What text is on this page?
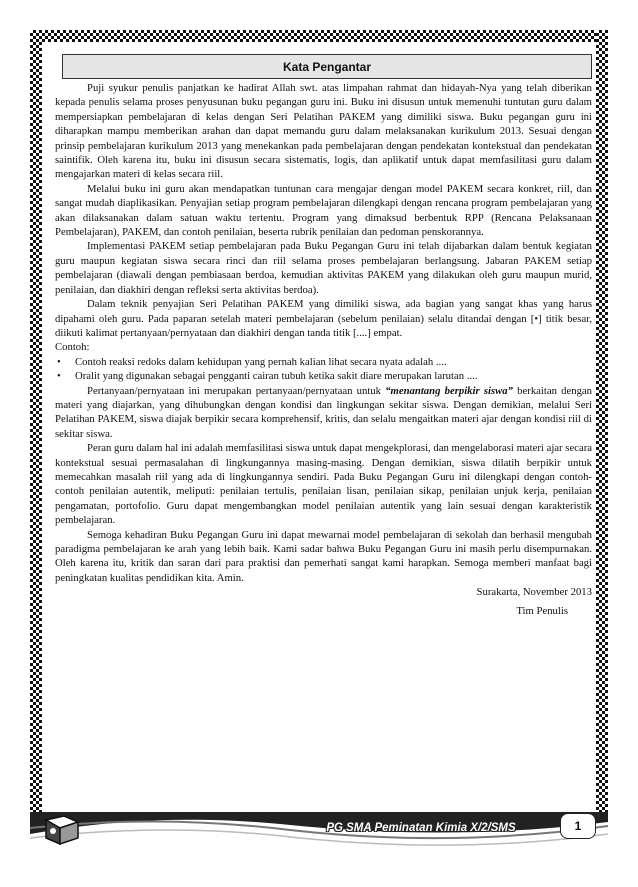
Kata Pengantar

Puji syukur penulis panjatkan ke hadirat Allah swt. atas limpahan rahmat dan hidayah-Nya yang telah diberikan kepada penulis selama proses penyusunan buku pegangan guru ini. Buku ini disusun untuk memenuhi tuntutan guru dalam mempersiapkan pembelajaran di kelas dengan Seri Pelatihan PAKEM yang dimiliki siswa. Buku pegangan guru ini diharapkan mampu memberikan arahan dan dapat memandu guru dalam melaksanakan kurikulum 2013. Sesuai dengan prinsip pembelajaran kurikulum 2013 yang menekankan pada pembelajaran dengan pendekatan kontekstual dan pendekatan saintifik. Oleh karena itu, buku ini disusun secara sistematis, logis, dan aplikatif untuk dapat memfasilitasi guru dalam mengajarkan materi di kelas secara riil.

Melalui buku ini guru akan mendapatkan tuntunan cara mengajar dengan model PAKEM secara konkret, riil, dan sangat mudah diaplikasikan. Penyajian setiap program pembelajaran dilengkapi dengan rencana program pembelajaran yang akan dilaksanakan dalam satuan waktu tertentu. Program yang dimaksud berbentuk RPP (Rencana Pelaksanaan Pembelajaran), PAKEM, dan contoh penilaian, beserta rubrik penilaian dan pedoman penskorannya.

Implementasi PAKEM setiap pembelajaran pada Buku Pegangan Guru ini telah dijabarkan dalam bentuk kegiatan guru maupun kegiatan siswa secara rinci dan riil selama proses pembelajaran berlangsung. Jabaran PAKEM setiap pembelajaran (diawali dengan pembiasaan berdoa, kemudian aktivitas PAKEM yang dilakukan oleh guru maupun murid, penilaian, dan diakhiri dengan refleksi serta aktivitas berdoa).

Dalam teknik penyajian Seri Pelatihan PAKEM yang dimiliki siswa, ada bagian yang sangat khas yang harus dipahami oleh guru. Pada paparan setelah materi pembelajaran (sebelum penilaian) selalu ditandai dengan [•] titik besar, diikuti kalimat pertanyaan/pernyataan dan diakhiri dengan tanda titik [....] empat.

Contoh:

• Contoh reaksi redoks dalam kehidupan yang pernah kalian lihat secara nyata adalah ....
• Oralit yang digunakan sebagai pengganti cairan tubuh ketika sakit diare merupakan larutan ....

Pertanyaan/pernyataan ini merupakan pertanyaan/pernyataan untuk “menantang berpikir siswa” berkaitan dengan materi yang diajarkan, yang dihubungkan dengan kondisi dan lingkungan sekitar siswa. Dengan demikian, melalui Seri Pelatihan PAKEM, siswa diajak berpikir secara komprehensif, kritis, dan selalu mengaitkan materi ajar dengan kondisi riil di sekitar siswa.

Peran guru dalam hal ini adalah memfasilitasi siswa untuk dapat mengekplorasi, dan mengelaborasi materi ajar secara kontekstual sesuai permasalahan di lingkungannya masing-masing. Dengan demikian, siswa dilatih berpikir untuk memecahkan masalah riil yang ada di lingkungannya sendiri. Pada Buku Pegangan Guru ini dilengkapi dengan contoh-contoh penilaian autentik, meliputi: penilaian tertulis, penilaian lisan, penilaian sikap, penilaian unjuk kerja, penilaian pengamatan, portofolio. Guru dapat mengembangkan model penilaian autentik yang lain sesuai dengan karakteristik pembelajaran.

Semoga kehadiran Buku Pegangan Guru ini dapat mewarnai model pembelajaran di sekolah dan berhasil mengubah paradigma pembelajaran ke arah yang lebih baik. Kami sadar bahwa Buku Pegangan Guru ini masih perlu disempurnakan. Oleh karena itu, kritik dan saran dari para praktisi dan pemerhati sangat kami harapkan. Semoga memberi manfaat bagi peningkatan kualitas pendidikan kita. Amin.

Surakarta, November 2013

Tim Penulis

PG SMA Peminatan Kimia X/2/SMS	1
